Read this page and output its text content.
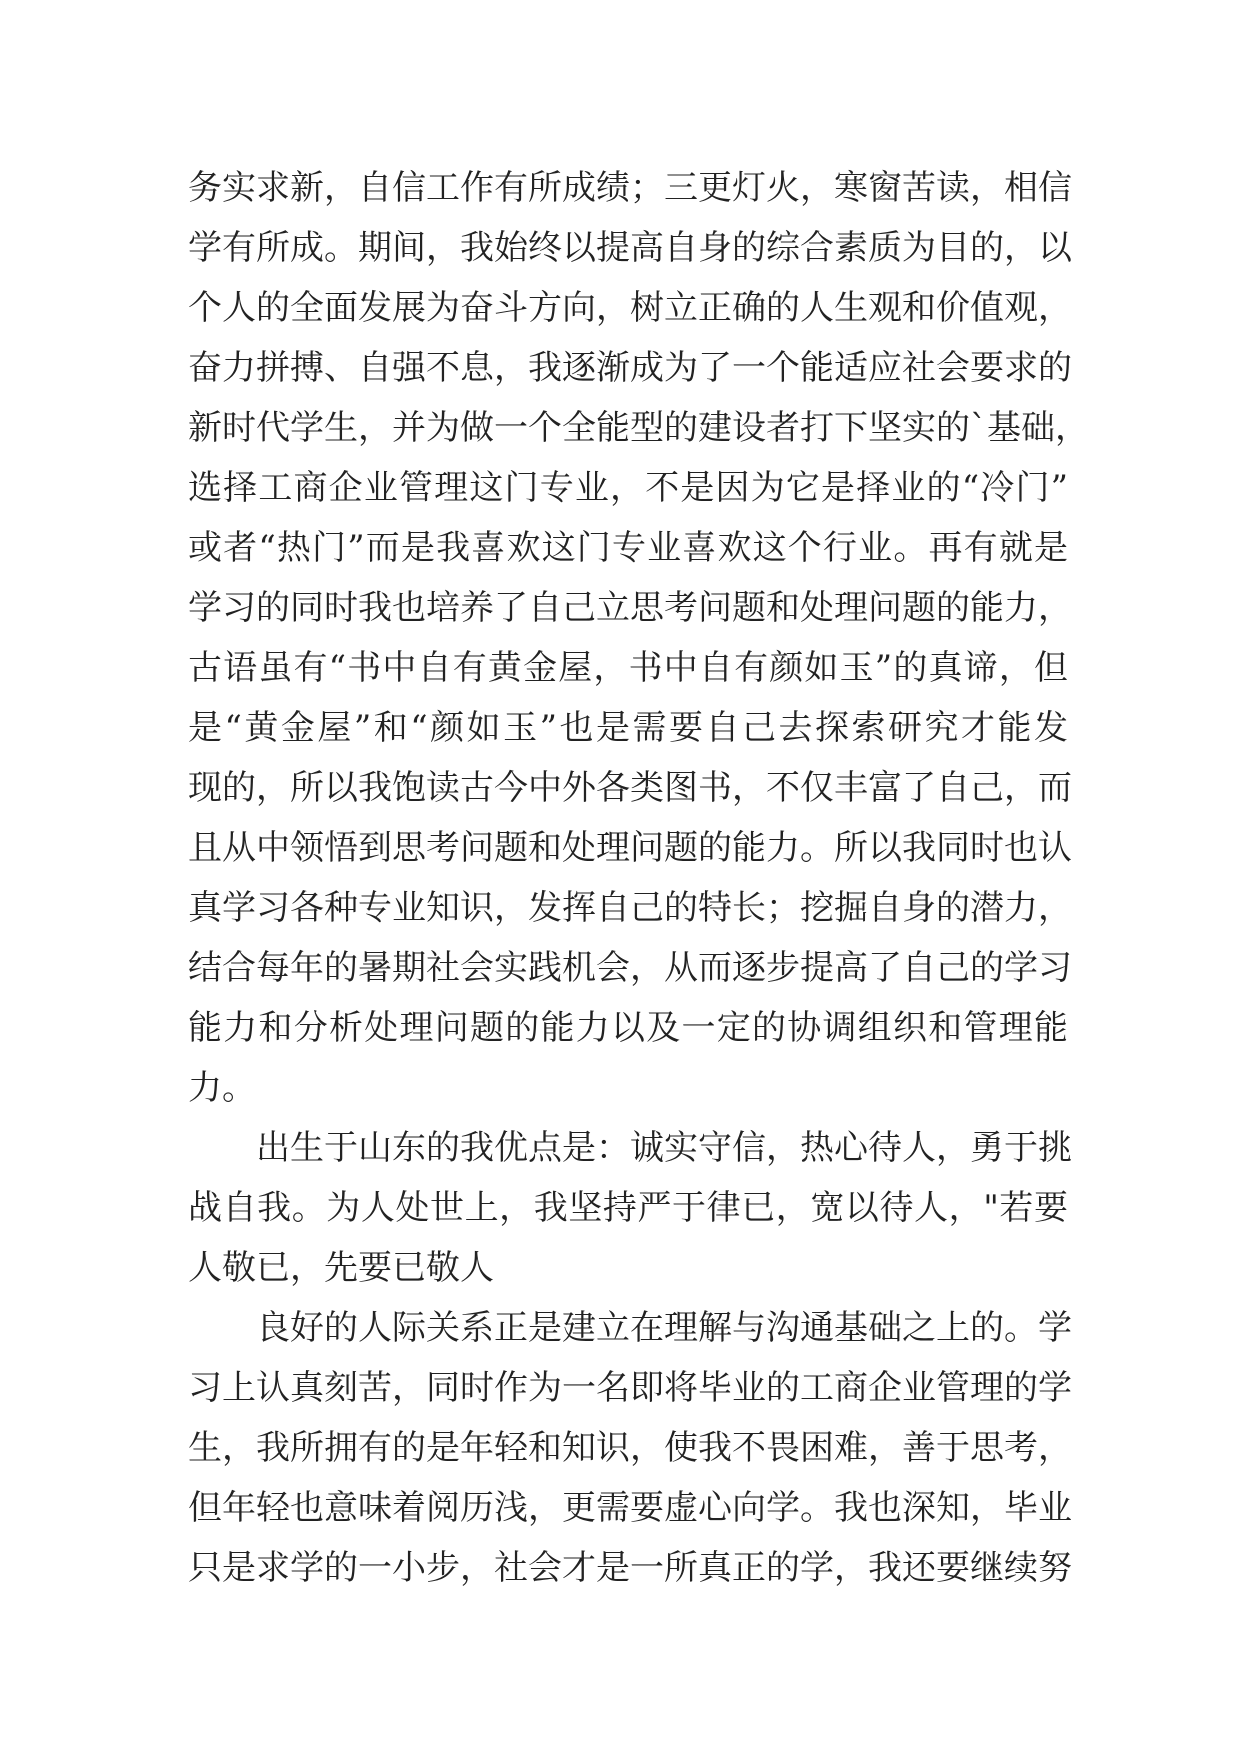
务实求新，自信工作有所成绩；三更灯火，寒窗苦读，相信
学有所成。期间，我始终以提高自身的综合素质为目的，以
个人的全面发展为奋斗方向，树立正确的人生观和价值观，
奋力拼搏、自强不息，我逐渐成为了一个能适应社会要求的
新时代学生，并为做一个全能型的建设者打下坚实的`基础，
选择工商企业管理这门专业，不是因为它是择业的“冷门”
或者“热门”而是我喜欢这门专业喜欢这个行业。再有就是
学习的同时我也培养了自己立思考问题和处理问题的能力，
古语虽有“书中自有黄金屋，书中自有颜如玉”的真谛，但
是“黄金屋”和“颜如玉”也是需要自己去探索研究才能发
现的，所以我饱读古今中外各类图书，不仅丰富了自己，而
且从中领悟到思考问题和处理问题的能力。所以我同时也认
真学习各种专业知识，发挥自己的特长；挖掘自身的潜力，
结合每年的暑期社会实践机会，从而逐步提高了自己的学习
能力和分析处理问题的能力以及一定的协调组织和管理能
力。
出生于山东的我优点是：诚实守信，热心待人，勇于挑
战自我。为人处世上，我坚持严于律已，宽以待人，"若要
人敬已，先要已敬人
良好的人际关系正是建立在理解与沟通基础之上的。学
习上认真刻苦，同时作为一名即将毕业的工商企业管理的学
生，我所拥有的是年轻和知识，使我不畏困难，善于思考，
但年轻也意味着阅历浅，更需要虚心向学。我也深知，毕业
只是求学的一小步，社会才是一所真正的学，我还要继续努
